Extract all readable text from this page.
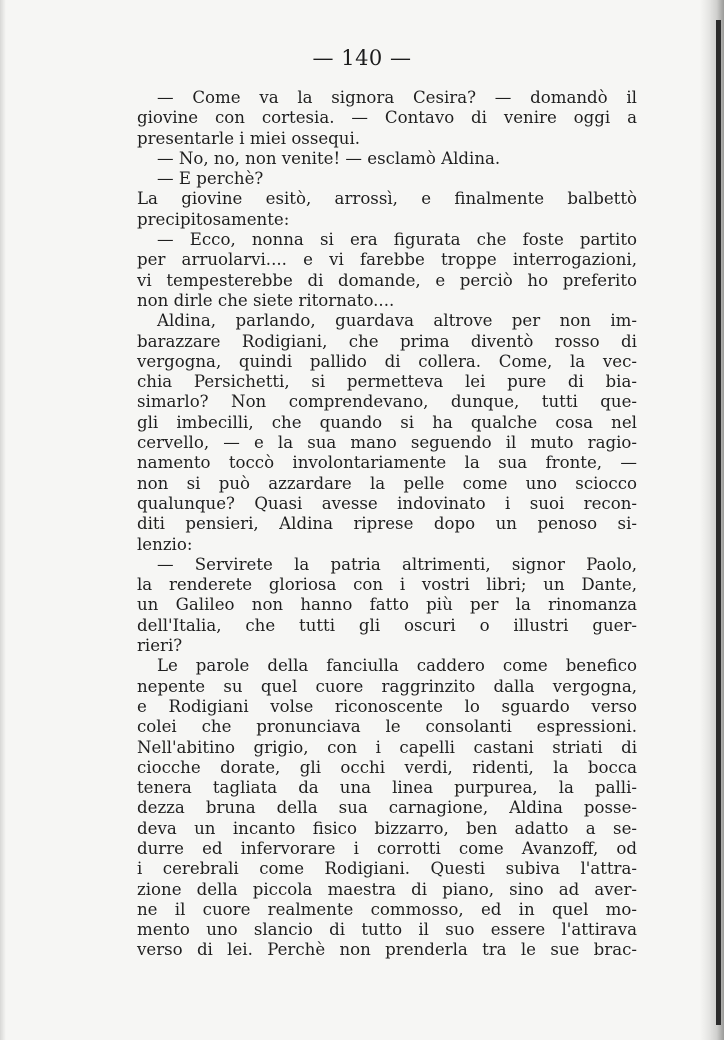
— 140 —
— Come va la signora Cesira? — domandò il
giovine con cortesia. — Contavo di venire oggi a
presentarle i miei ossequi.
— No, no, non venite! — esclamò Aldina.
— E perchè?
La giovine esitò, arrossì, e finalmente balbettò
precipitosamente:
— Ecco, nonna si era figurata che foste partito
per arruolarvi.... e vi farebbe troppe interrogazioni,
vi tempesterebbe di domande, e perciò ho preferito
non dirle che siete ritornato....
Aldina, parlando, guardava altrove per non im-
barazzare Rodigiani, che prima diventò rosso di
vergogna, quindi pallido di collera. Come, la vec-
chia Persichetti, si permetteva lei pure di bia-
simarlo? Non comprendevano, dunque, tutti que-
gli imbecilli, che quando si ha qualche cosa nel
cervello, — e la sua mano seguendo il muto ragio-
namento toccò involontariamente la sua fronte, —
non si può azzardare la pelle come uno sciocco
qualunque? Quasi avesse indovinato i suoi recon-
diti pensieri, Aldina riprese dopo un penoso si-
lenzio:
— Servirete la patria altrimenti, signor Paolo,
la renderete gloriosa con i vostri libri; un Dante,
un Galileo non hanno fatto più per la rinomanza
dell'Italia, che tutti gli oscuri o illustri guer-
rieri?
Le parole della fanciulla caddero come benefico
nepente su quel cuore raggrinzito dalla vergogna,
e Rodigiani volse riconoscente lo sguardo verso
colei che pronunciava le consolanti espressioni.
Nell'abitino grigio, con i capelli castani striati di
ciocche dorate, gli occhi verdi, ridenti, la bocca
tenera tagliata da una linea purpurea, la palli-
dezza bruna della sua carnagione, Aldina posse-
deva un incanto fisico bizzarro, ben adatto a se-
durre ed infervorare i corrotti come Avanzoff, od
i cerebrali come Rodigiani. Questi subiva l'attra-
zione della piccola maestra di piano, sino ad aver-
ne il cuore realmente commosso, ed in quel mo-
mento uno slancio di tutto il suo essere l'attirava
verso di lei. Perchè non prenderla tra le sue brac-
